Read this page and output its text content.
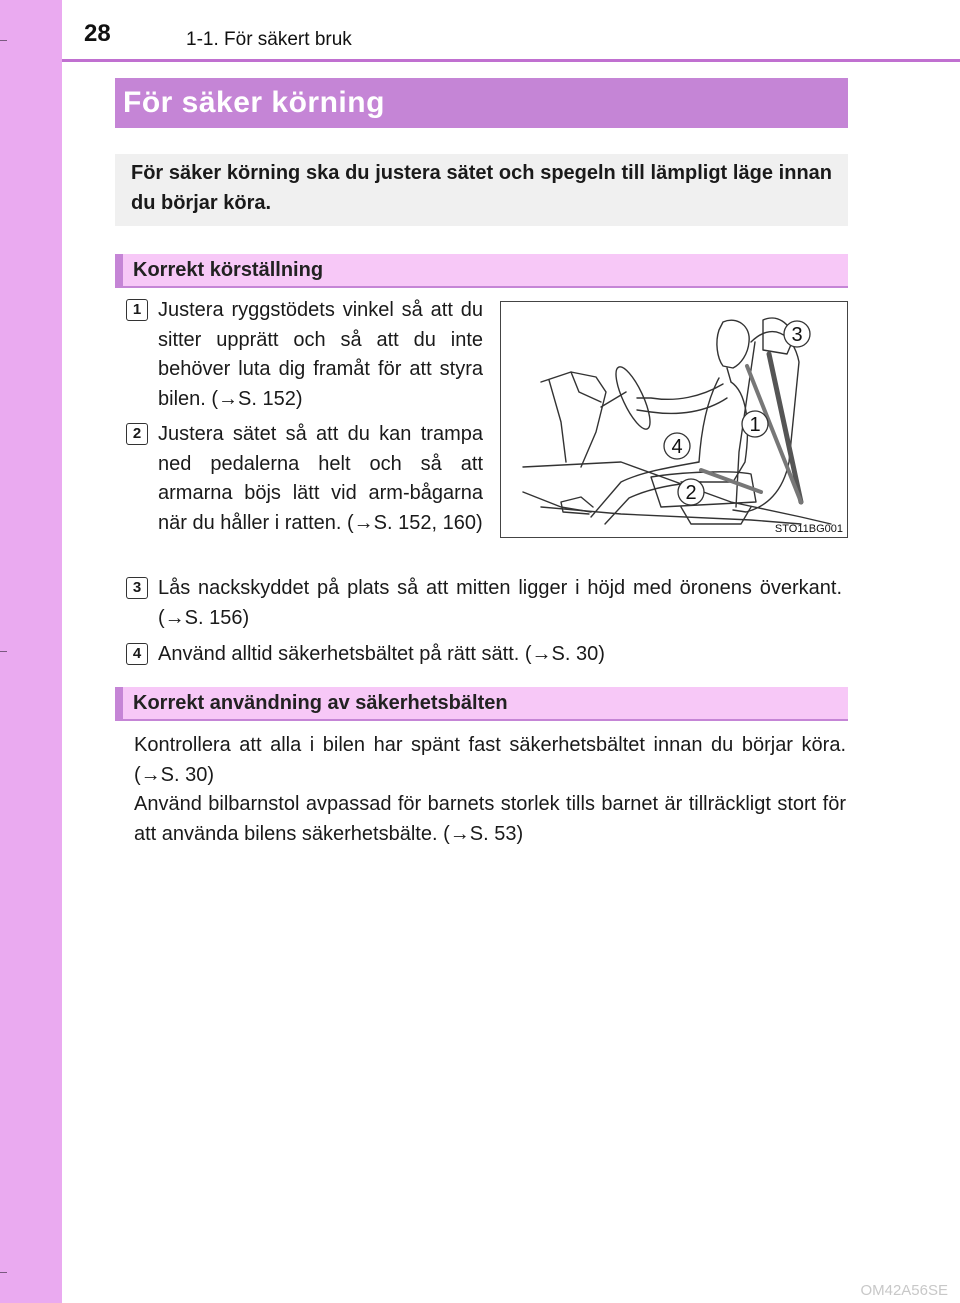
28	1-1. För säkert bruk
För säker körning
För säker körning ska du justera sätet och spegeln till lämpligt läge innan du börjar köra.
Korrekt körställning
1 Justera ryggstödets vinkel så att du sitter upprätt och så att du inte behöver luta dig framåt för att styra bilen. (→S. 152)
2 Justera sätet så att du kan trampa ned pedalerna helt och så att armarna böjs lätt vid arm-bågarna när du håller i ratten. (→S. 152, 160)
3 Lås nackskyddet på plats så att mitten ligger i höjd med öronens överkant. (→S. 156)
4 Använd alltid säkerhetsbältet på rätt sätt. (→S. 30)
3
1
4
2
STO11BG001
Korrekt användning av säkerhetsbälten
Kontrollera att alla i bilen har spänt fast säkerhetsbältet innan du börjar köra. (→S. 30)
Använd bilbarnstol avpassad för barnets storlek tills barnet är tillräckligt stort för att använda bilens säkerhetsbälte. (→S. 53)
OM42A56SE
